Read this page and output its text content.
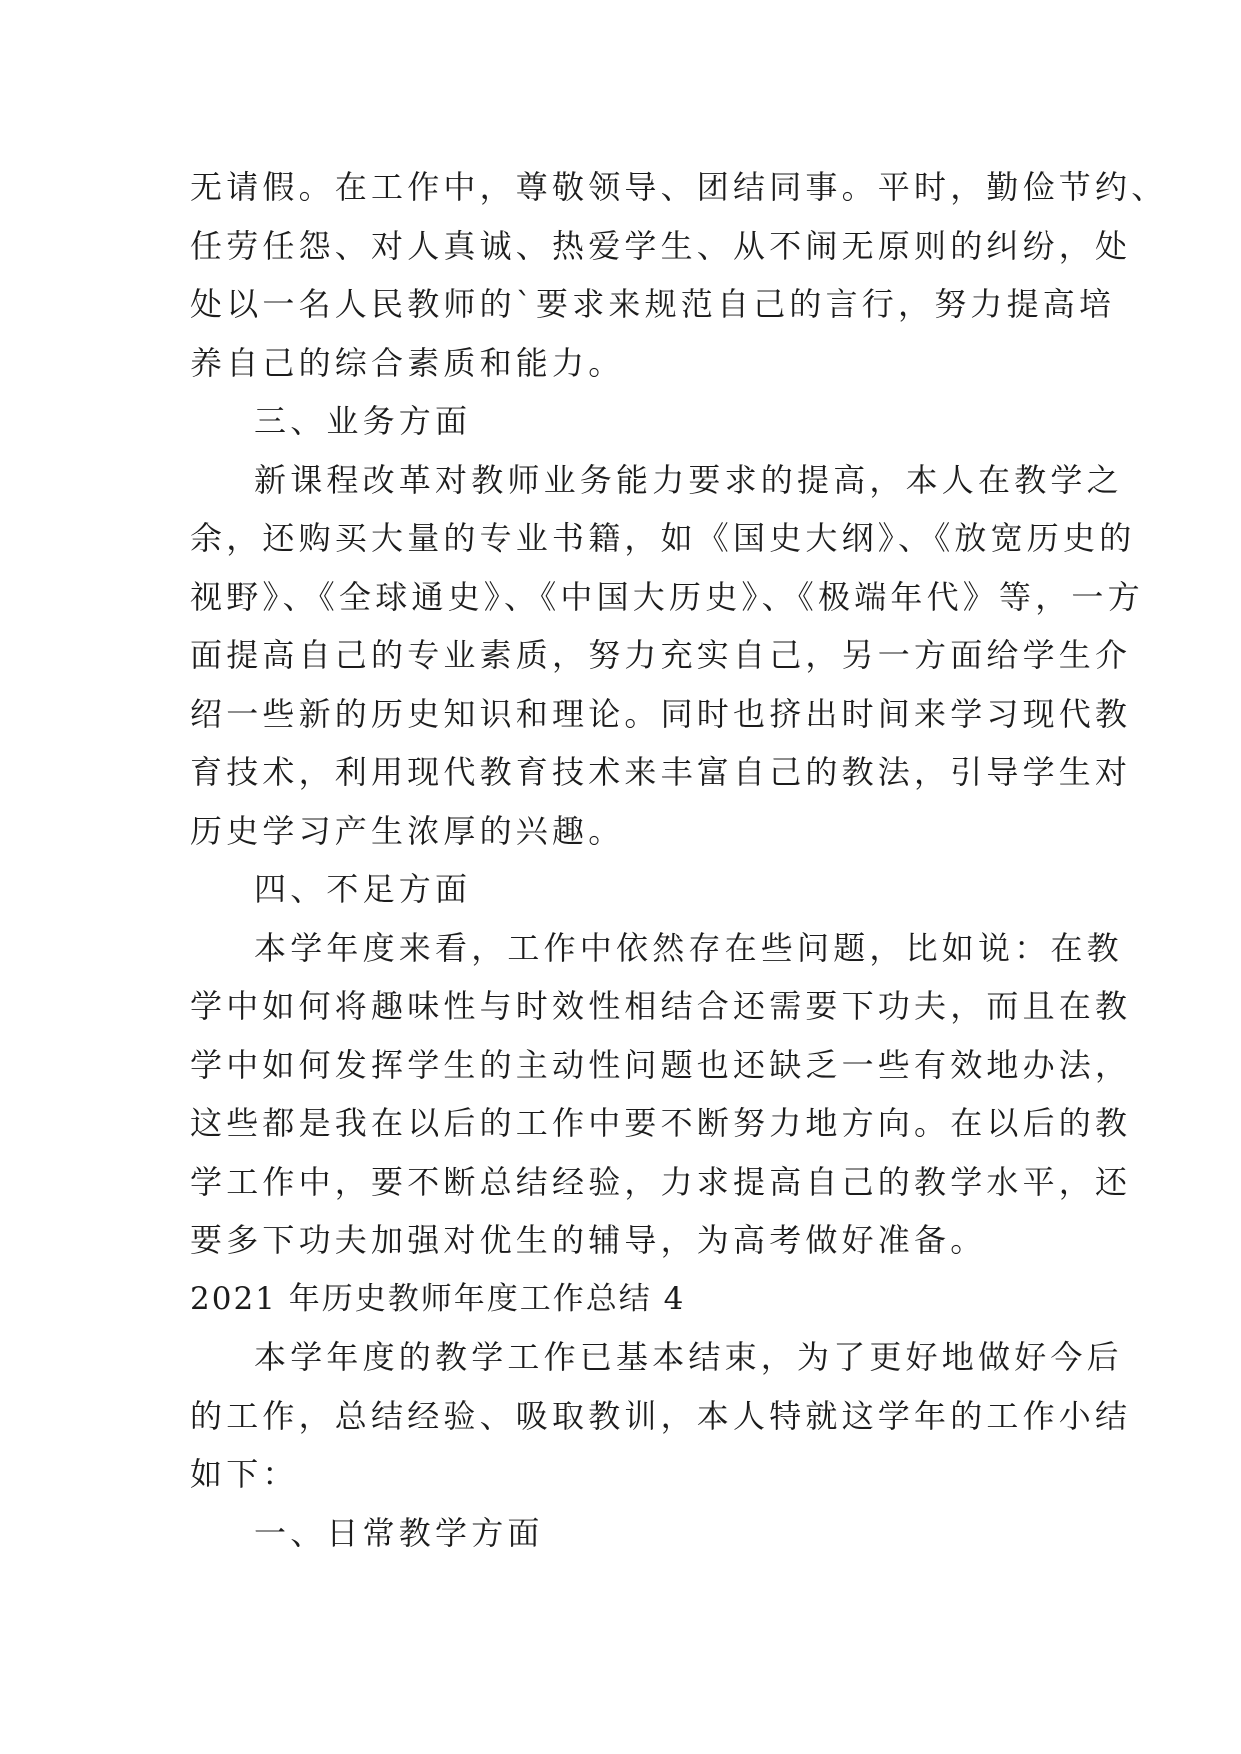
无请假。在工作中，尊敬领导、团结同事。平时，勤俭节约、
任劳任怨、对人真诚、热爱学生、从不闹无原则的纠纷，处
处以一名人民教师的`要求来规范自己的言行，努力提高培
养自己的综合素质和能力。
三、业务方面
新课程改革对教师业务能力要求的提高，本人在教学之
余，还购买大量的专业书籍，如《国史大纲》、《放宽历史的
视野》、《全球通史》、《中国大历史》、《极端年代》等，一方
面提高自己的专业素质，努力充实自己，另一方面给学生介
绍一些新的历史知识和理论。同时也挤出时间来学习现代教
育技术，利用现代教育技术来丰富自己的教法，引导学生对
历史学习产生浓厚的兴趣。
四、不足方面
本学年度来看，工作中依然存在些问题，比如说：在教
学中如何将趣味性与时效性相结合还需要下功夫，而且在教
学中如何发挥学生的主动性问题也还缺乏一些有效地办法，
这些都是我在以后的工作中要不断努力地方向。在以后的教
学工作中，要不断总结经验，力求提高自己的教学水平，还
要多下功夫加强对优生的辅导，为高考做好准备。
2021 年历史教师年度工作总结 4
本学年度的教学工作已基本结束，为了更好地做好今后
的工作，总结经验、吸取教训，本人特就这学年的工作小结
如下：
一、日常教学方面
